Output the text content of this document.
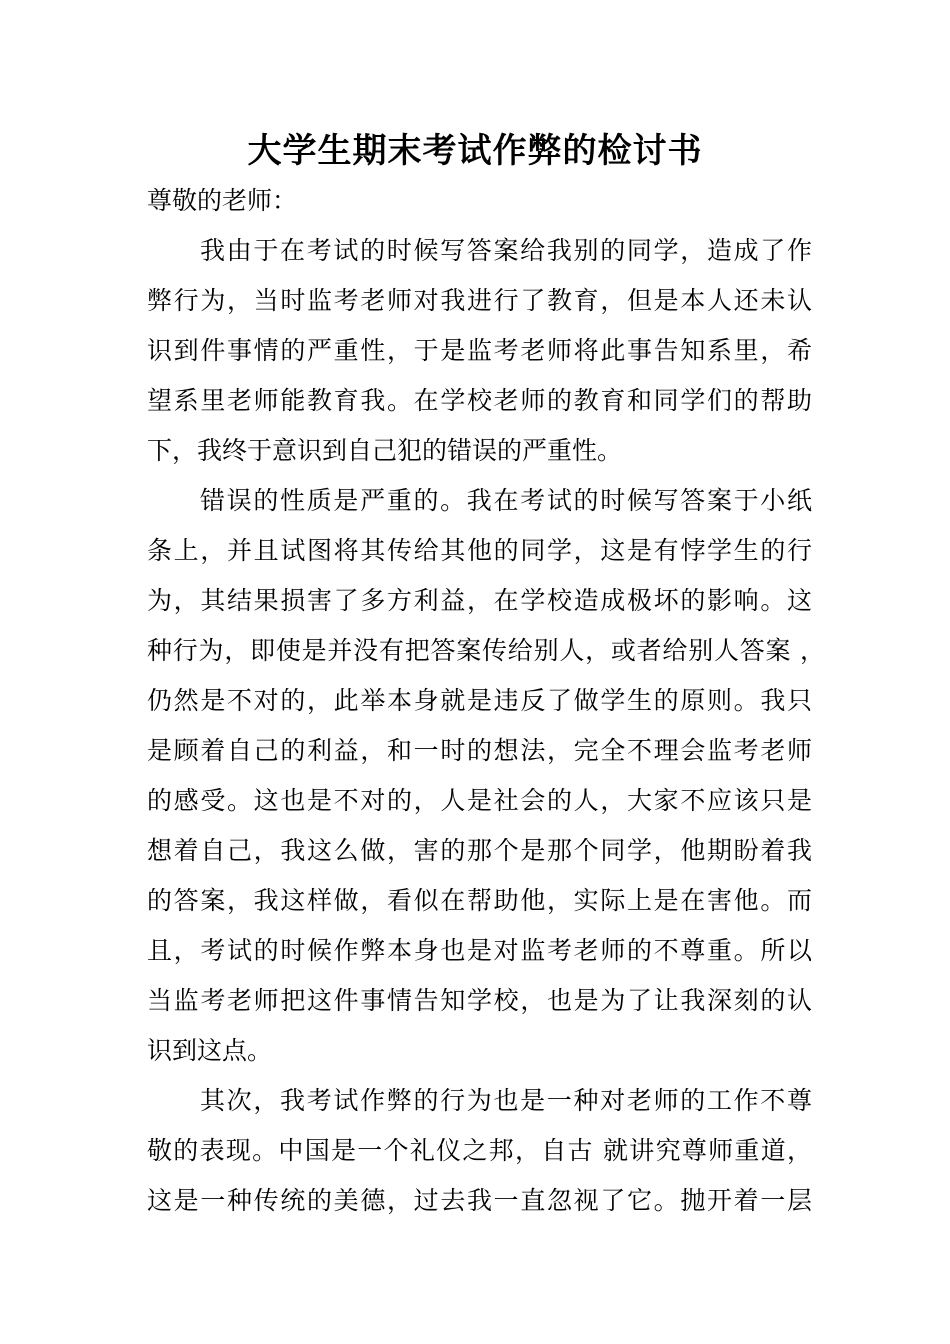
大学生期末考试作弊的检讨书
尊敬的老师：
我由于在考试的时候写答案给我别的同学，造成了作
弊行为，当时监考老师对我进行了教育，但是本人还未认
识到件事情的严重性，于是监考老师将此事告知系里，希
望系里老师能教育我。在学校老师的教育和同学们的帮助
下，我终于意识到自己犯的错误的严重性。
错误的性质是严重的。我在考试的时候写答案于小纸
条上，并且试图将其传给其他的同学，这是有悖学生的行
为，其结果损害了多方利益，在学校造成极坏的影响。这
种行为，即使是并没有把答案传给别人，或者给别人答案 ，
仍然是不对的，此举本身就是违反了做学生的原则。我只
是顾着自己的利益，和一时的想法，完全不理会监考老师
的感受。这也是不对的，人是社会的人，大家不应该只是
想着自己，我这么做，害的那个是那个同学，他期盼着我
的答案，我这样做，看似在帮助他，实际上是在害他。而
且，考试的时候作弊本身也是对监考老师的不尊重。所以
当监考老师把这件事情告知学校，也是为了让我深刻的认
识到这点。
其次，我考试作弊的行为也是一种对老师的工作不尊
敬的表现。中国是一个礼仪之邦，自古 就讲究尊师重道，
这是一种传统的美德，过去我一直忽视了它。抛开着一层
